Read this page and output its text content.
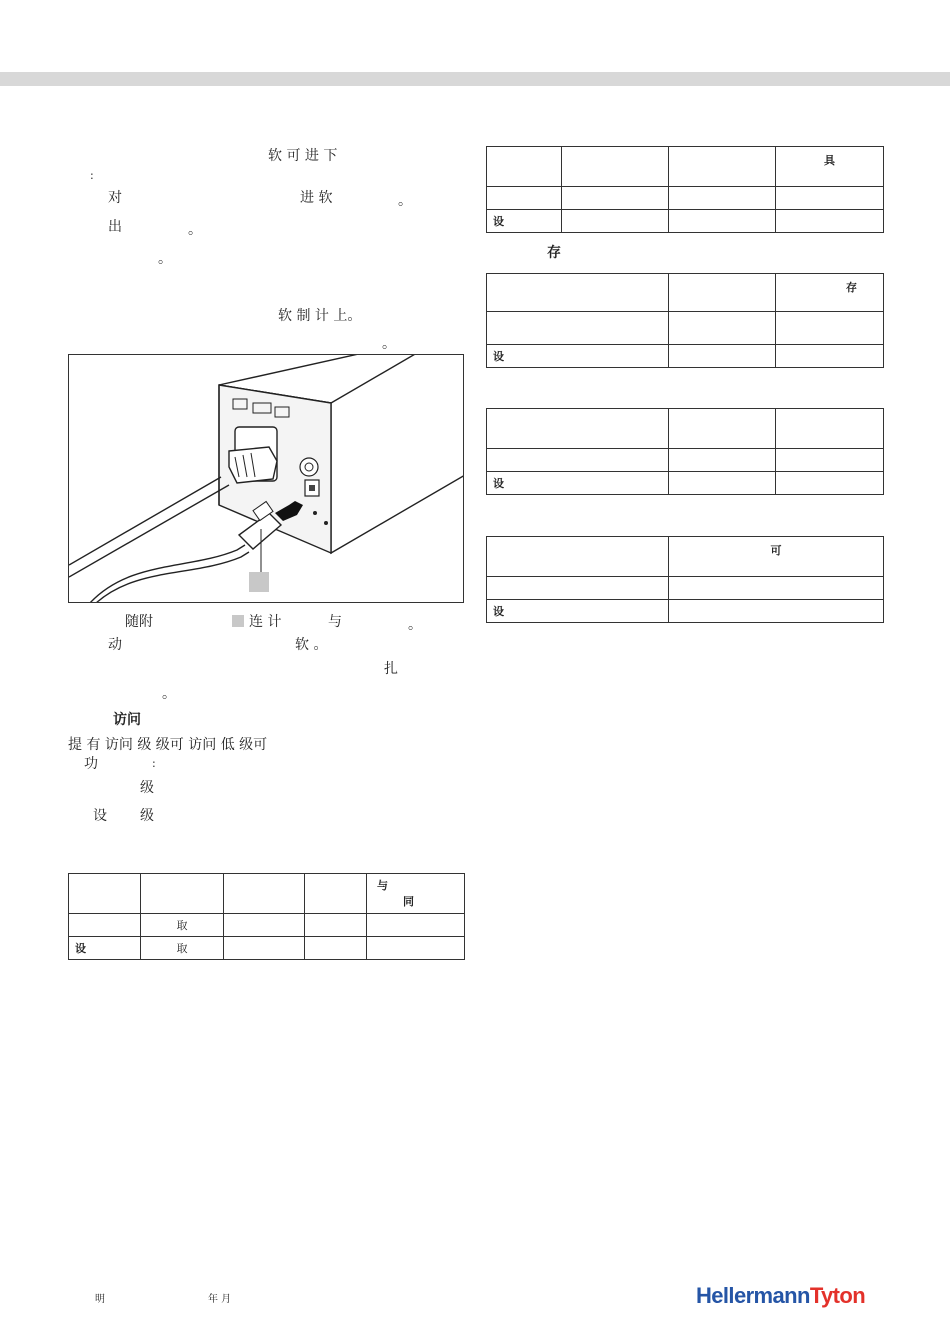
软 可 进 下
:
对	进 软	。
出	。
。
软 制 计 上。
。
随附	连 计	与	。
动	软 。
扎
。
访问
提 有 访问 级 级可 访问 低 级可
功	:
级
设 级

				与
同

	取			
设	取			
			具

设			
存
		存

设		

设		
	可

设	
明	年 月	HellermannTyton
